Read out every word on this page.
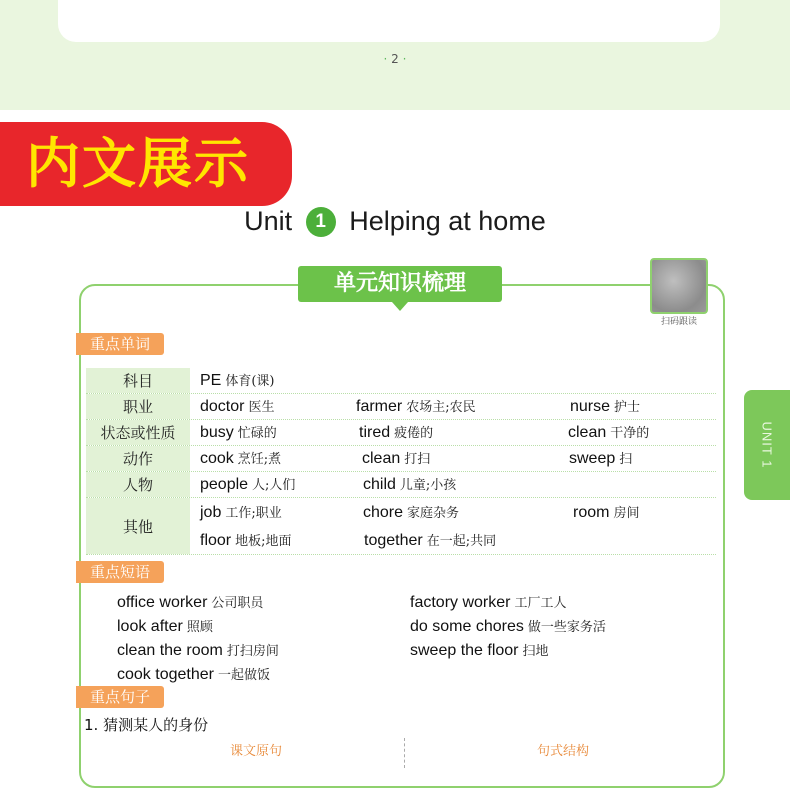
· 2 ·
内文展示
Unit 1 Helping at home
单元知识梳理
扫码跟读
重点单词
科目	PE 体育(课)
职业	doctor 医生	farmer 农场主;农民	nurse 护士
状态或性质	busy 忙碌的	tired 疲倦的	clean 干净的
动作	cook 烹饪;煮	clean 打扫	sweep 扫
人物	people 人;人们	child 儿童;小孩
其他
job 工作;职业	chore 家庭杂务	room 房间
floor 地板;地面	together 在一起;共同
重点短语
office worker 公司职员	factory worker 工厂工人
look after 照顾	do some chores 做一些家务活
clean the room 打扫房间	sweep the floor 扫地
cook together 一起做饭
重点句子
1. 猜测某人的身份
课文原句	句式结构
UNIT 1
